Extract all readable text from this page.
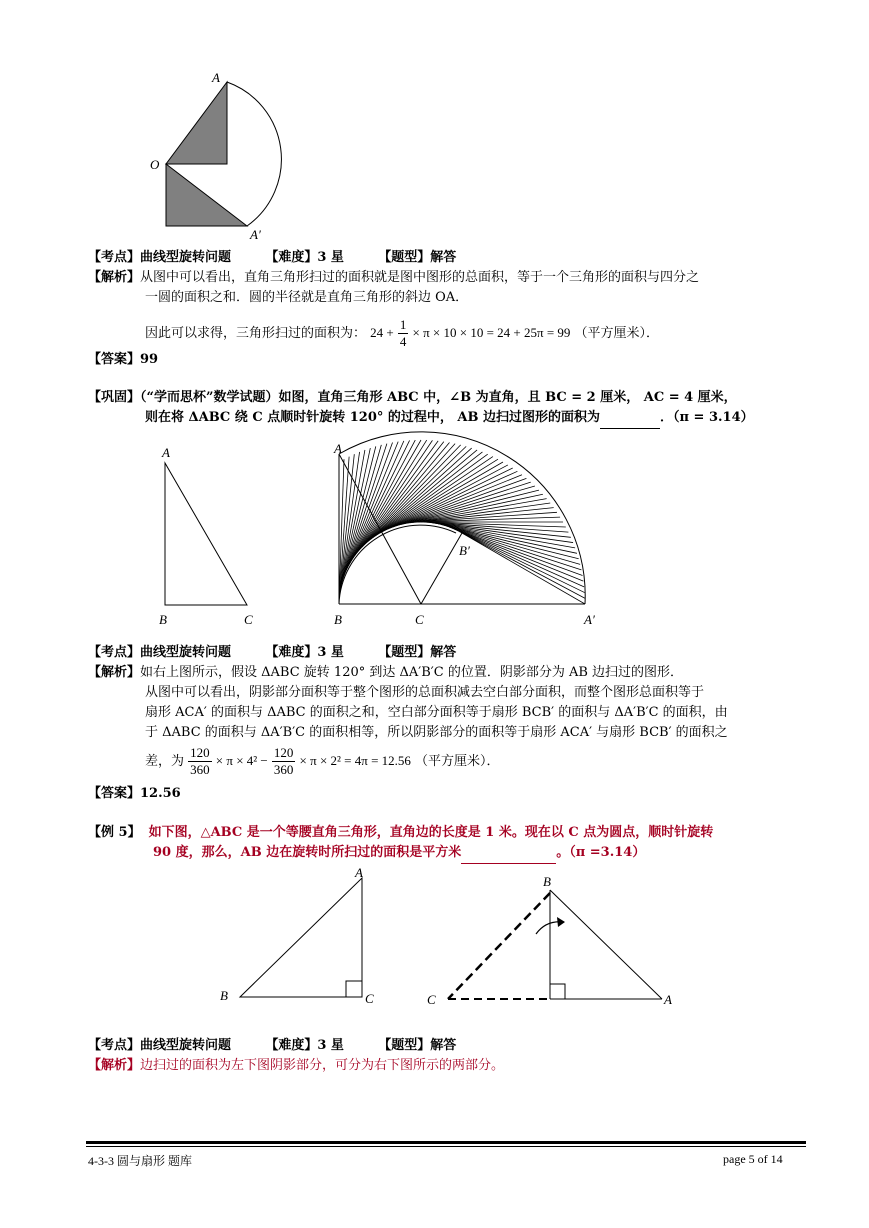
A
O
A′
【考点】曲线型旋转问题	【难度】3 星	【题型】解答
【解析】从图中可以看出，直角三角形扫过的面积就是图中图形的总面积，等于一个三角形的面积与四分之
一圆的面积之和．圆的半径就是直角三角形的斜边 OA．
因此可以求得，三角形扫过的面积为： $24 + \frac{1}{4} \times \pi \times 10 \times 10 = 24 + 25\pi = 99$ （平方厘米）．
【答案】99
【巩固】（“学而思杯”数学试题）如图，直角三角形 ABC 中，∠B 为直角，且 BC = 2 厘米， AC = 4 厘米，
则在将 ΔABC 绕 C 点顺时针旋转 120° 的过程中， AB 边扫过图形的面积为	．（π = 3.14）
A
B	C
A
B	C
B′
A′
【考点】曲线型旋转问题	【难度】3 星	【题型】解答
【解析】如右上图所示，假设 ΔABC 旋转 120° 到达 ΔA′B′C 的位置．阴影部分为 AB 边扫过的图形．
从图中可以看出，阴影部分面积等于整个图形的总面积减去空白部分面积，而整个图形总面积等于
扇形 ACA′ 的面积与 ΔABC 的面积之和，空白部分面积等于扇形 BCB′ 的面积与 ΔA′B′C 的面积，由
于 ΔABC 的面积与 ΔA′B′C 的面积相等，所以阴影部分的面积等于扇形 ACA′ 与扇形 BCB′ 的面积之
差，为 $\frac{120}{360} \times \pi \times 4^2 - \frac{120}{360} \times \pi \times 2^2 = 4\pi = 12.56$ （平方厘米）．
【答案】12.56
【例 5】 如下图，△ABC 是一个等腰直角三角形，直角边的长度是 1 米。现在以 C 点为圆点，顺时针旋转
90 度，那么，AB 边在旋转时所扫过的面积是平方米	。（π =3.14）
A
B	C
B
C	A
【考点】曲线型旋转问题	【难度】3 星	【题型】解答
【解析】边扫过的面积为左下图阴影部分，可分为右下图所示的两部分。
4-3-3 圆与扇形 题库	page 5 of 14
